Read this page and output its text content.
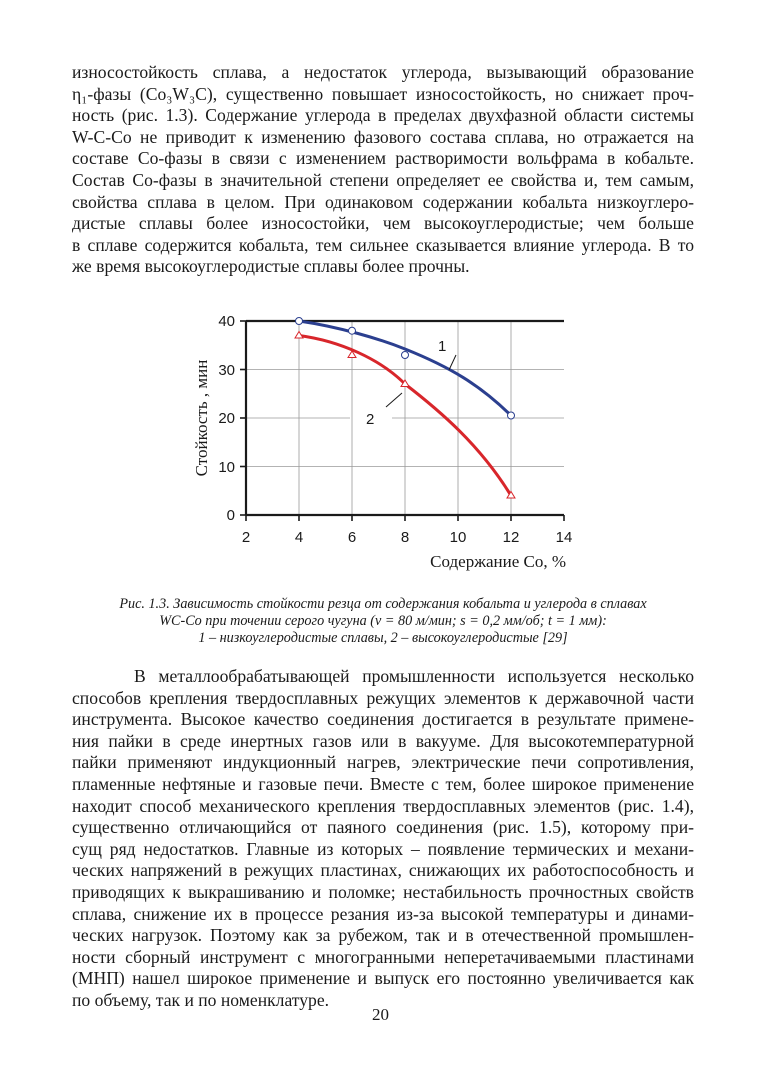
износостойкость сплава, а недостаток углерода, вызывающий образование
η₁-фазы (Co₃W₃C), существенно повышает износостойкость, но снижает проч-
ность (рис. 1.3). Содержание углерода в пределах двухфазной области системы
W-C-Co не приводит к изменению фазового состава сплава, но отражается на
составе Co-фазы в связи с изменением растворимости вольфрама в кобальте.
Состав Co-фазы в значительной степени определяет ее свойства и, тем самым,
свойства сплава в целом. При одинаковом содержании кобальта низкоуглеро-
дистые сплавы более износостойки, чем высокоуглеродистые; чем больше
в сплаве содержится кобальта, тем сильнее сказывается влияние углерода. В то
же время высокоуглеродистые сплавы более прочны.
40
30
20
10
0
2	4	6	8	10 12 14
Содержание Co, %
Стойкость , мин
1
2
Рис. 1.3. Зависимость стойкости резца от содержания кобальта и углерода в сплавах
WC-Co при точении серого чугуна (v = 80 м/мин; s = 0,2 мм/об; t = 1 мм):
1 – низкоуглеродистые сплавы, 2 – высокоуглеродистые [29]
В металлообрабатывающей промышленности используется несколько
способов крепления твердосплавных режущих элементов к державочной части
инструмента. Высокое качество соединения достигается в результате примене-
ния пайки в среде инертных газов или в вакууме. Для высокотемпературной
пайки применяют индукционный нагрев, электрические печи сопротивления,
пламенные нефтяные и газовые печи. Вместе с тем, более широкое применение
находит способ механического крепления твердосплавных элементов (рис. 1.4),
существенно отличающийся от паяного соединения (рис. 1.5), которому при-
сущ ряд недостатков. Главные из которых – появление термических и механи-
ческих напряжений в режущих пластинах, снижающих их работоспособность и
приводящих к выкрашиванию и поломке; нестабильность прочностных свойств
сплава, снижение их в процессе резания из-за высокой температуры и динами-
ческих нагрузок. Поэтому как за рубежом, так и в отечественной промышлен-
ности сборный инструмент с многогранными неперетачиваемыми пластинами
(МНП) нашел широкое применение и выпуск его постоянно увеличивается как
по объему, так и по номенклатуре.
20
